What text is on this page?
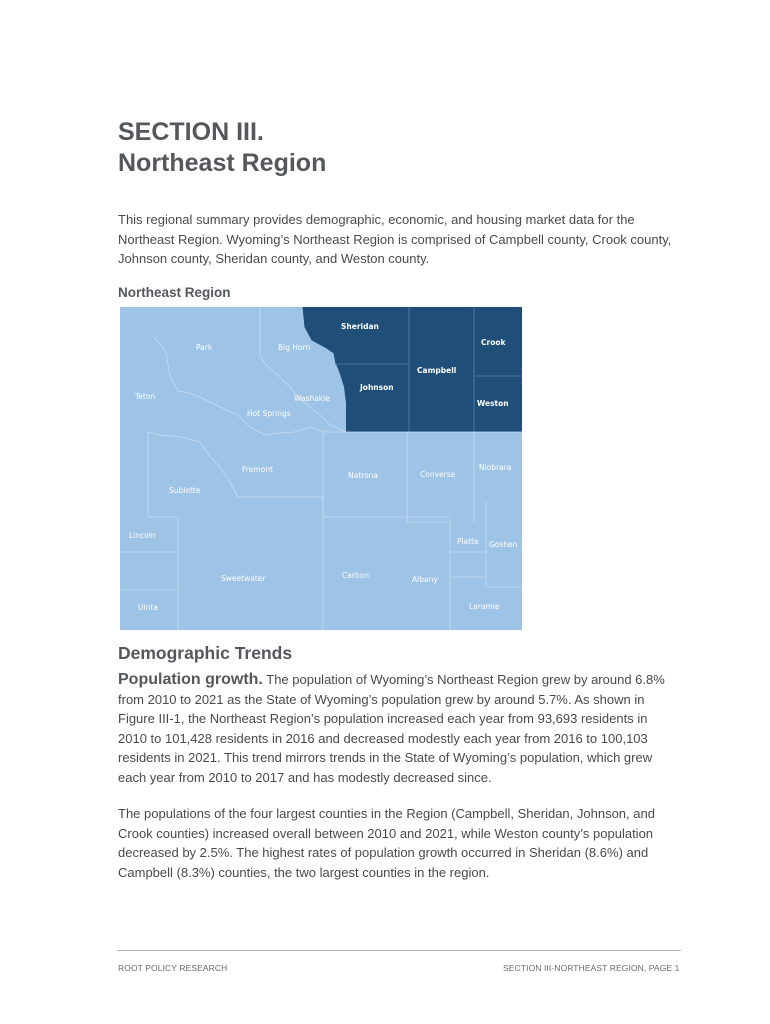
SECTION III.
Northeast Region

This regional summary provides demographic, economic, and housing market data for the Northeast Region. Wyoming’s Northeast Region is comprised of Campbell county, Crook county, Johnson county, Sheridan county, and Weston county.

Northeast Region

Sheridan
Crook
Park	Big Horn
Campbell
Johnson
Teton	Washakie
Weston
Hot Springs
Fremont
Natrona	Converse
Niobrara
Sublette
Lincoln
Platte Goshen
Carbon
Sweetwater	Albany
Uinta	Laramie
Demographic Trends

Population growth. The population of Wyoming’s Northeast Region grew by around 6.8% from 2010 to 2021 as the State of Wyoming’s population grew by around 5.7%. As shown in Figure III-1, the Northeast Region’s population increased each year from 93,693 residents in 2010 to 101,428 residents in 2016 and decreased modestly each year from 2016 to 100,103 residents in 2021. This trend mirrors trends in the State of Wyoming’s population, which grew each year from 2010 to 2017 and has modestly decreased since.

The populations of the four largest counties in the Region (Campbell, Sheridan, Johnson, and Crook counties) increased overall between 2010 and 2021, while Weston county’s population decreased by 2.5%. The highest rates of population growth occurred in Sheridan (8.6%) and Campbell (8.3%) counties, the two largest counties in the region.

ROOT POLICY RESEARCH	SECTION III-NORTHEAST REGION, PAGE 1
